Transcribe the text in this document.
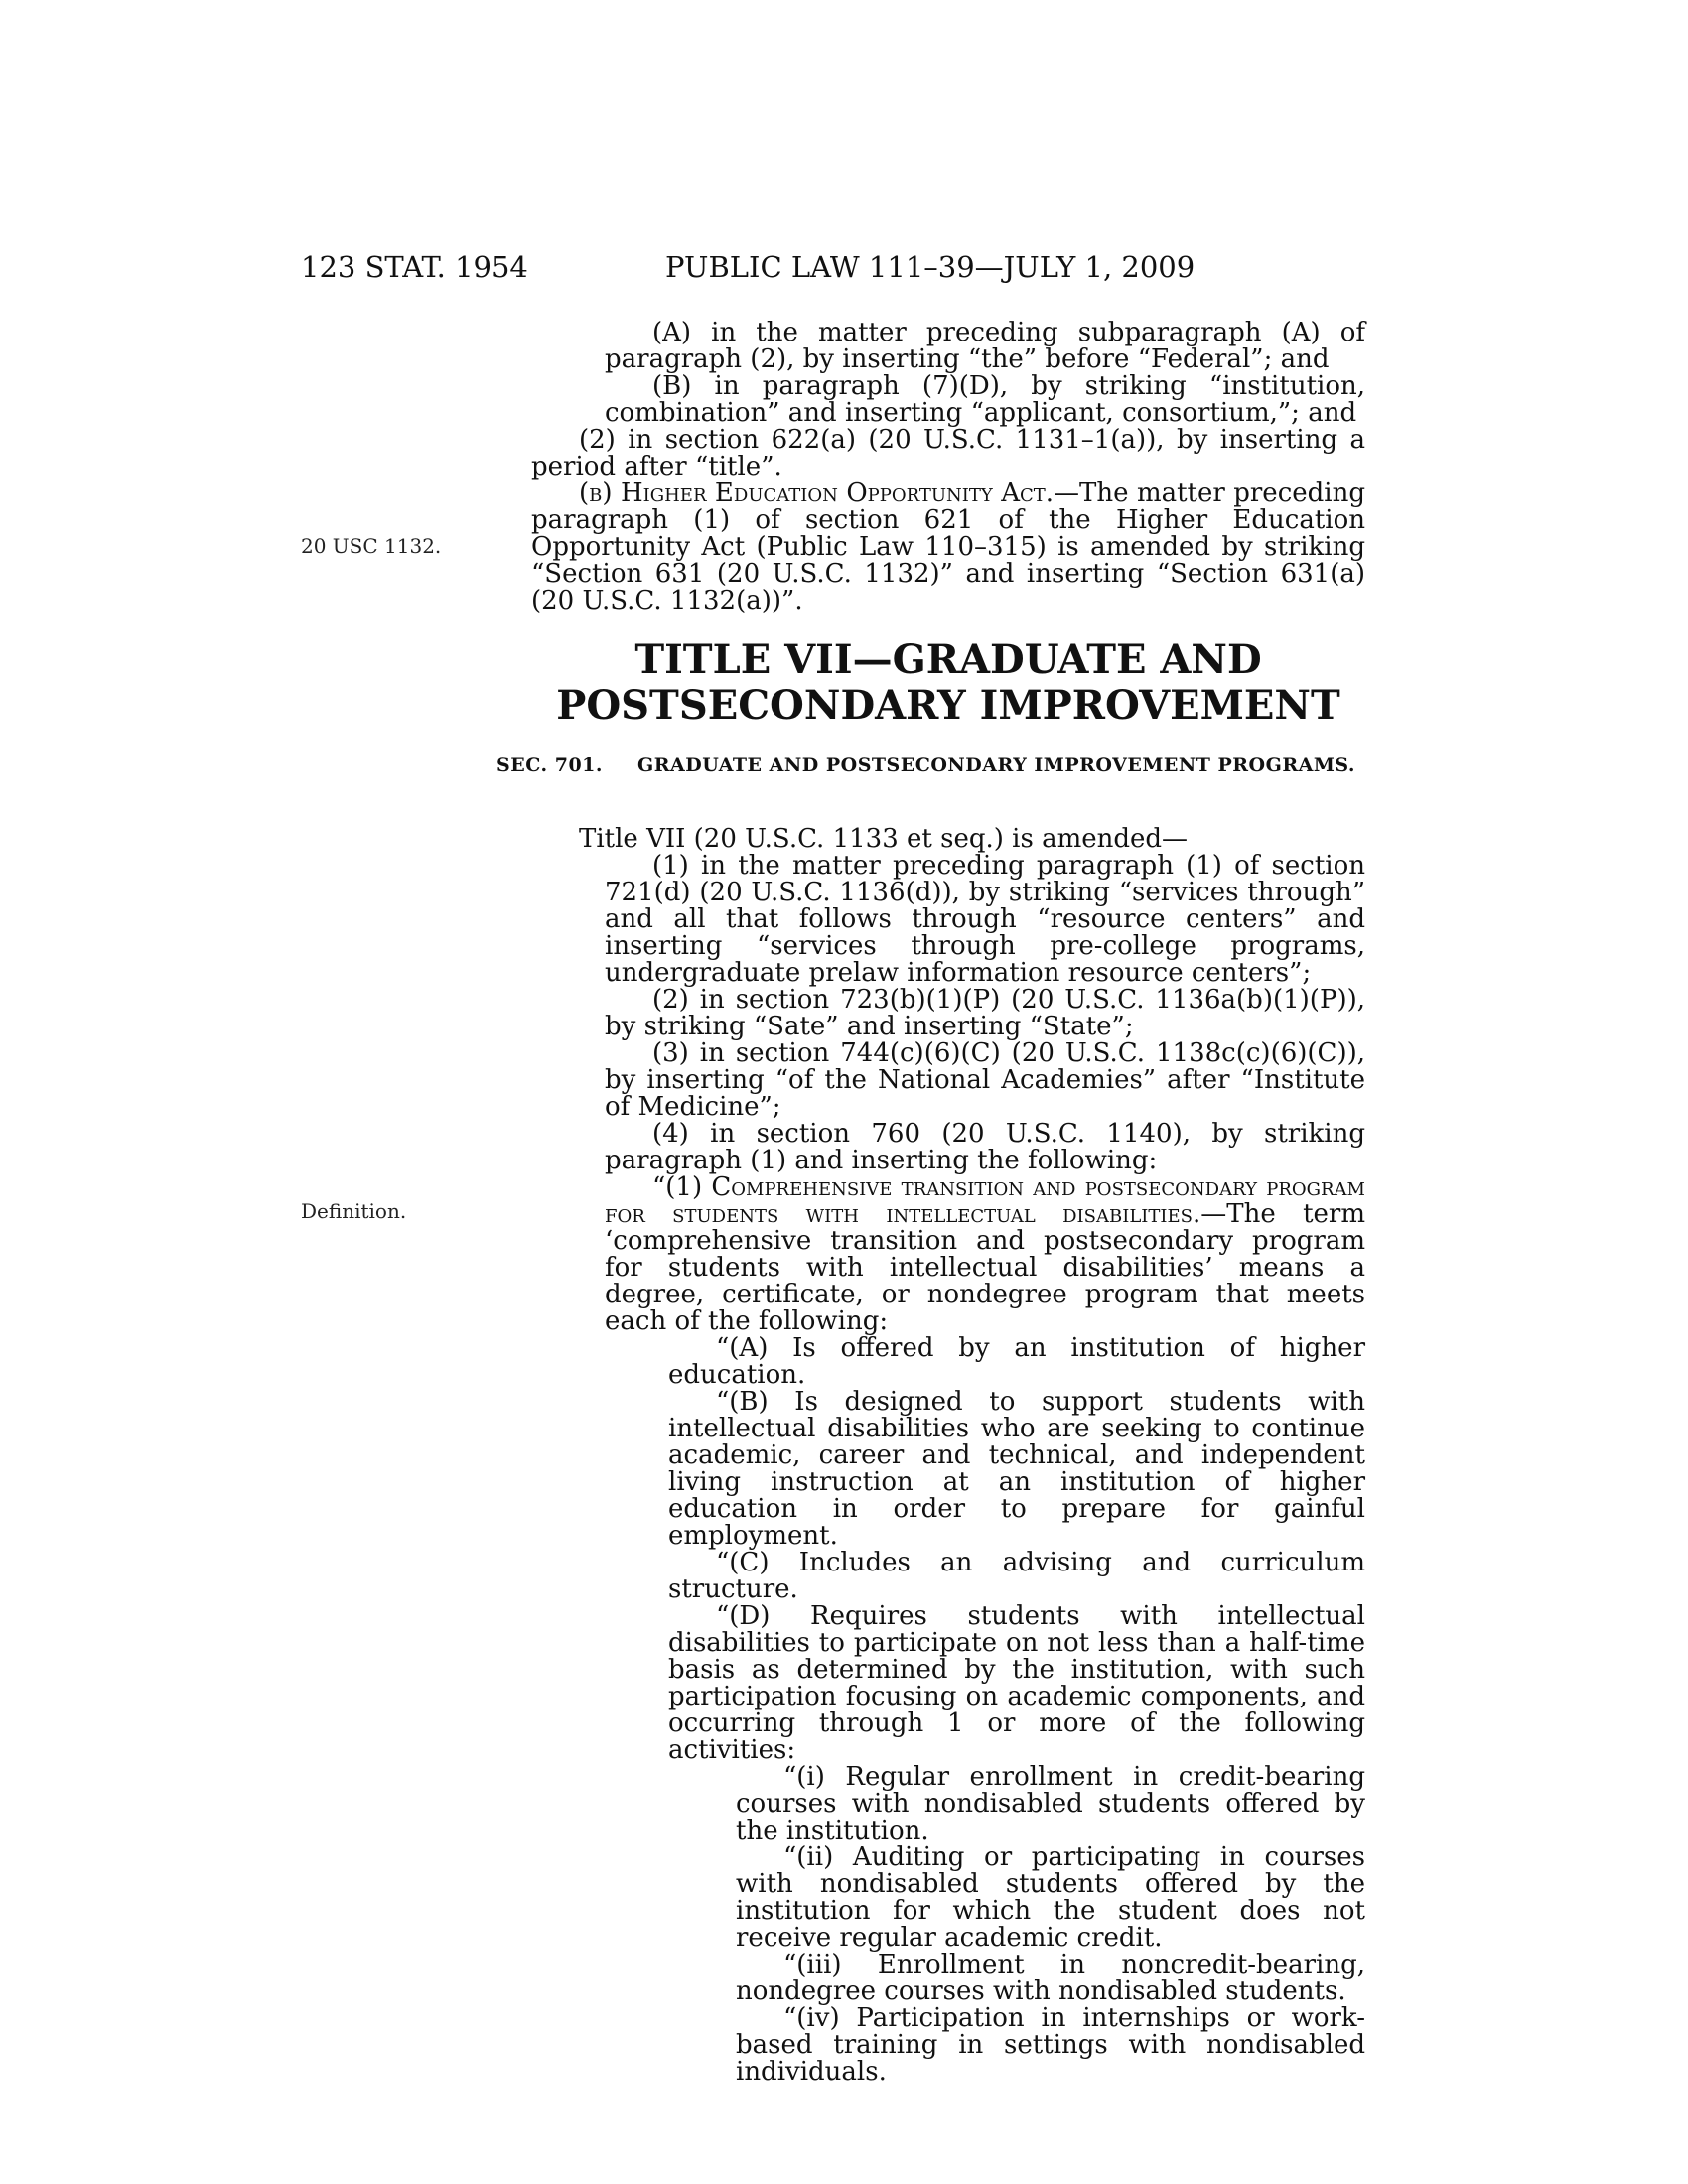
123 STAT. 1954	PUBLIC LAW 111–39—JULY 1, 2009
20 USC 1132.
Definition.

(A) in the matter preceding subparagraph (A) of paragraph (2), by inserting “the” before “Federal”; and

(B) in paragraph (7)(D), by striking “institution, combination” and inserting “applicant, consortium,”; and

(2) in section 622(a) (20 U.S.C. 1131–1(a)), by inserting a period after “title”.

(b) Higher Education Opportunity Act.—The matter preceding paragraph (1) of section 621 of the Higher Education Opportunity Act (Public Law 110–315) is amended by striking “Section 631 (20 U.S.C. 1132)” and inserting “Section 631(a) (20 U.S.C. 1132(a))”.

TITLE VII—GRADUATE AND
POSTSECONDARY IMPROVEMENT
SEC. 701. GRADUATE AND POSTSECONDARY IMPROVEMENT PROGRAMS.

Title VII (20 U.S.C. 1133 et seq.) is amended—

(1) in the matter preceding paragraph (1) of section 721(d) (20 U.S.C. 1136(d)), by striking “services through” and all that follows through “resource centers” and inserting “services through pre-college programs, undergraduate prelaw information resource centers”;

(2) in section 723(b)(1)(P) (20 U.S.C. 1136a(b)(1)(P)), by striking “Sate” and inserting “State”;

(3) in section 744(c)(6)(C) (20 U.S.C. 1138c(c)(6)(C)), by inserting “of the National Academies” after “Institute of Medicine”;

(4) in section 760 (20 U.S.C. 1140), by striking paragraph (1) and inserting the following:

“(1) Comprehensive transition and postsecondary program for students with intellectual disabilities.—The term ‘comprehensive transition and postsecondary program for students with intellectual disabilities’ means a degree, certificate, or nondegree program that meets each of the following:

“(A) Is offered by an institution of higher education.

“(B) Is designed to support students with intellectual disabilities who are seeking to continue academic, career and technical, and independent living instruction at an institution of higher education in order to prepare for gainful employment.

“(C) Includes an advising and curriculum structure.

“(D) Requires students with intellectual disabilities to participate on not less than a half-time basis as determined by the institution, with such participation focusing on academic components, and occurring through 1 or more of the following activities:

“(i) Regular enrollment in credit-bearing courses with nondisabled students offered by the institution.

“(ii) Auditing or participating in courses with nondisabled students offered by the institution for which the student does not receive regular academic credit.

“(iii) Enrollment in noncredit-bearing, nondegree courses with nondisabled students.

“(iv) Participation in internships or work-based training in settings with nondisabled individuals.
